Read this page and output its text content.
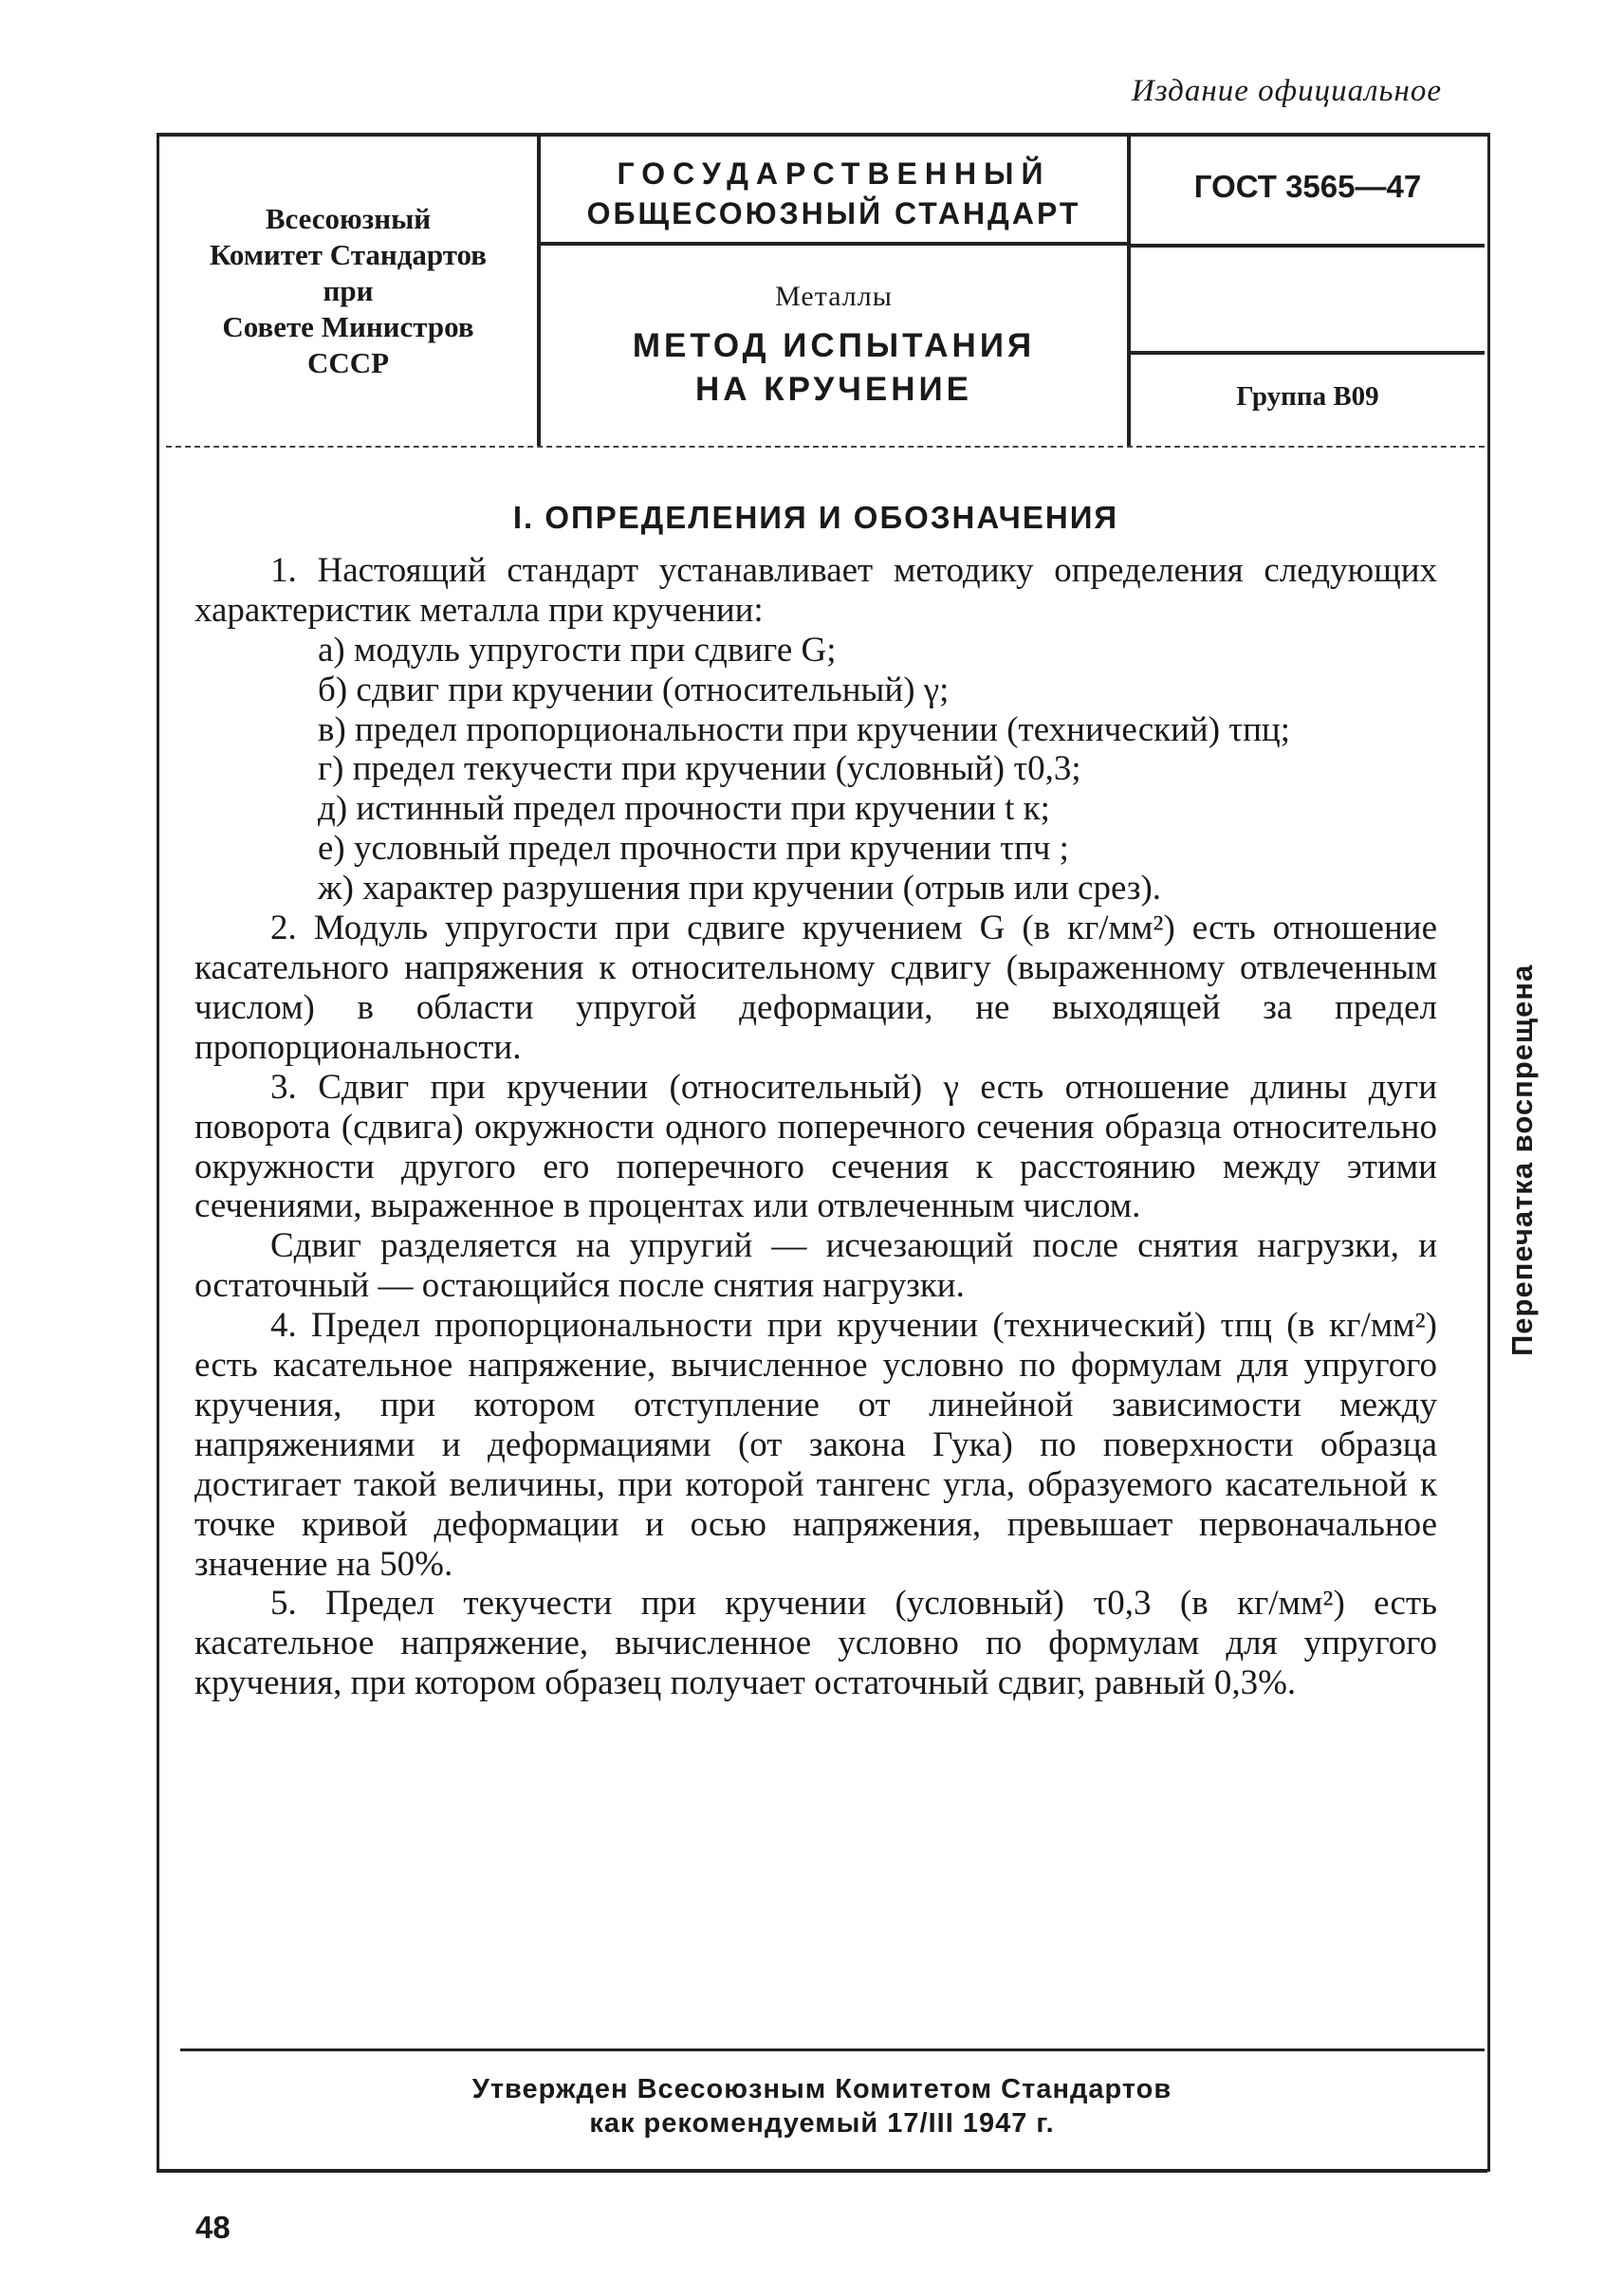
Издание официальное
Всесоюзный
Комитет Стандартов
при
Совете Министров
СССР
ГОСУДАРСТВЕННЫЙ
ОБЩЕСОЮЗНЫЙ СТАНДАРТ
Металлы
МЕТОД ИСПЫТАНИЯ
НА КРУЧЕНИЕ
ГОСТ 3565—47
Группа В09
Перепечатка воспрещена
I. ОПРЕДЕЛЕНИЯ И ОБОЗНАЧЕНИЯ

1. Настоящий стандарт устанавливает методику определения следующих характеристик металла при кручении:

а) модуль упругости при сдвиге G;

б) сдвиг при кручении (относительный) γ;

в) предел пропорциональности при кручении (технический) τпц;

г) предел текучести при кручении (условный) τ0,3;

д) истинный предел прочности при кручении t к;

е) условный предел прочности при кручении τпч ;

ж) характер разрушения при кручении (отрыв или срез).

2. Модуль упругости при сдвиге кручением G (в кг/мм²) есть отношение касательного напряжения к относительному сдвигу (выраженному отвлеченным числом) в области упругой деформации, не выходящей за предел пропорциональности.

3. Сдвиг при кручении (относительный) γ есть отношение длины дуги поворота (сдвига) окружности одного поперечного сечения образца относительно окружности другого его поперечного сечения к расстоянию между этими сечениями, выраженное в процентах или отвлеченным числом.

Сдвиг разделяется на упругий — исчезающий после снятия нагрузки, и остаточный — остающийся после снятия нагрузки.

4. Предел пропорциональности при кручении (технический) τпц (в кг/мм²) есть касательное напряжение, вычисленное условно по формулам для упругого кручения, при котором отступление от линейной зависимости между напряжениями и деформациями (от закона Гука) по поверхности образца достигает такой величины, при которой тангенс угла, образуемого касательной к точке кривой деформации и осью напряжения, превышает первоначальное значение на 50%.

5. Предел текучести при кручении (условный) τ0,3 (в кг/мм²) есть касательное напряжение, вычисленное условно по формулам для упругого кручения, при котором образец получает остаточный сдвиг, равный 0,3%.

Утвержден Всесоюзным Комитетом Стандартов
как рекомендуемый 17/III 1947 г.
48
